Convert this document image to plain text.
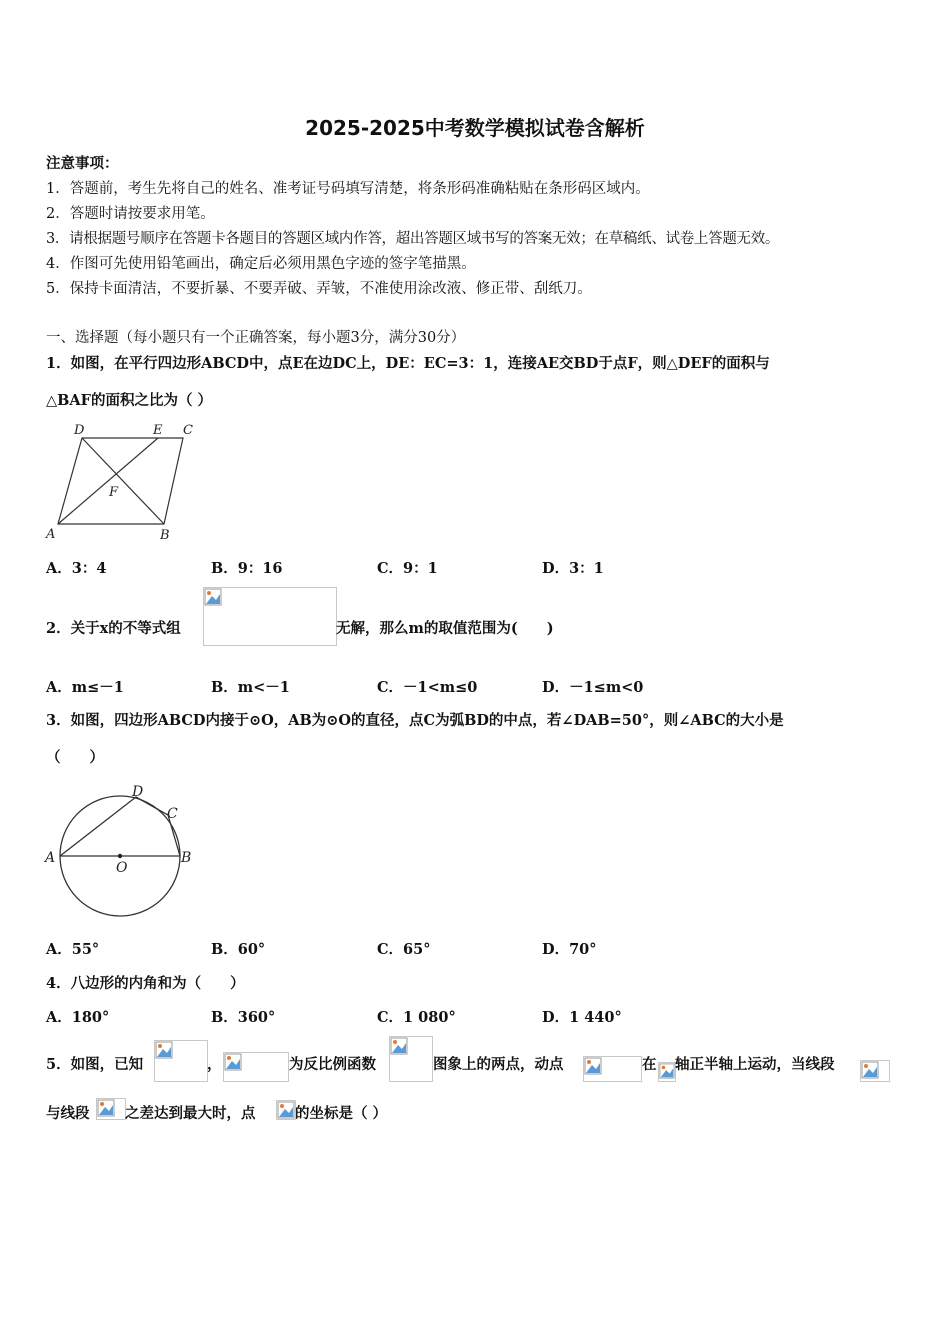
2025-2025中考数学模拟试卷含解析
注意事项：
1．答题前，考生先将自己的姓名、准考证号码填写清楚，将条形码准确粘贴在条形码区域内。
2．答题时请按要求用笔。
3．请根据题号顺序在答题卡各题目的答题区域内作答，超出答题区域书写的答案无效；在草稿纸、试卷上答题无效。
4．作图可先使用铅笔画出，确定后必须用黑色字迹的签字笔描黑。
5．保持卡面清洁，不要折暴、不要弄破、弄皱，不准使用涂改液、修正带、刮纸刀。
一、选择题（每小题只有一个正确答案，每小题3分，满分30分）
1．如图，在平行四边形ABCD中，点E在边DC上，DE：EC=3：1，连接AE交BD于点F，则△DEF的面积与
△BAF的面积之比为（ ）
D	E C
F
A	B
A．3：4	B．9：16	C．9：1	D．3：1
2．关于x的不等式组	无解，那么m的取值范围为(　　)
A．m≤－1	B．m<－1	C．－1<m≤0	D．－1≤m<0
3．如图，四边形ABCD内接于⊙O，AB为⊙O的直径，点C为弧BD的中点，若∠DAB=50°，则∠ABC的大小是
（　　）
D
C
A
O
B
A．55°	B．60°	C．65°	D．70°
4．八边形的内角和为（　　）
A．180°	B．360°	C．1 080°	D．1 440°
5．如图，已知	，	为反比例函数	图象上的两点，动点	在 轴正半轴上运动，当线段
与线段 之差达到最大时，点	的坐标是（ ）
